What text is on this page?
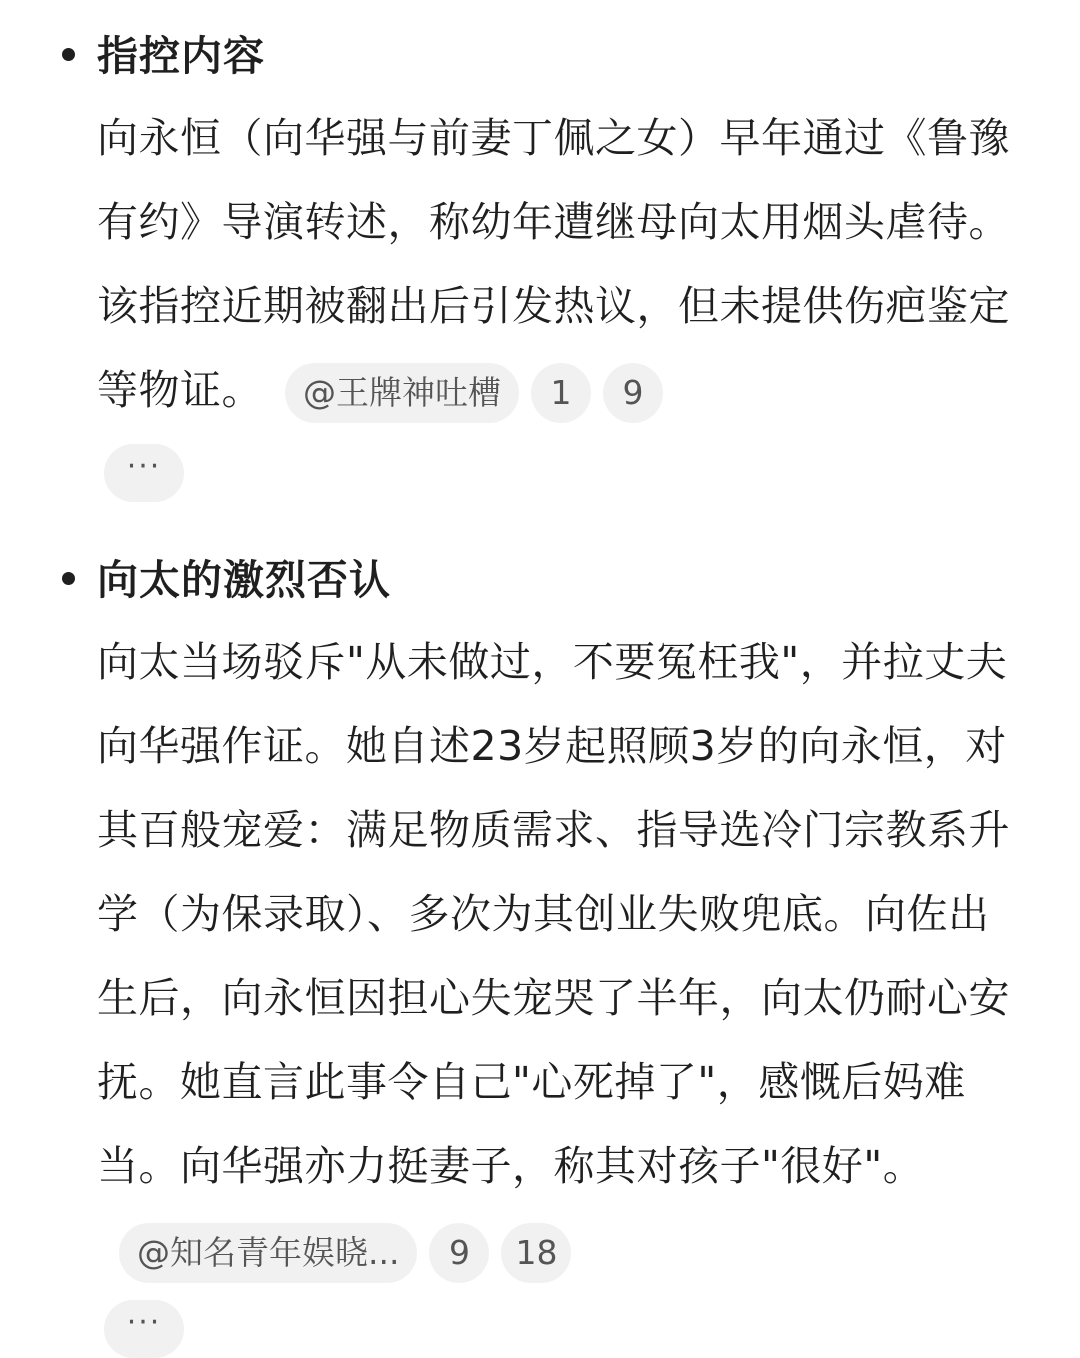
指控内容
向永恒（向华强与前妻丁佩之女）早年通过《鲁豫有约》导演转述，称幼年遭继母向太用烟头虐待。该指控近期被翻出后引发热议，但未提供伤疤鉴定等物证。 @王牌神吐槽 1 9
···
向太的激烈否认
向太当场驳斥"从未做过，不要冤枉我"，并拉丈夫向华强作证。她自述23岁起照顾3岁的向永恒，对其百般宠爱：满足物质需求、指导选冷门宗教系升学（为保录取）、多次为其创业失败兜底。向佐出生后，向永恒因担心失宠哭了半年，向太仍耐心安抚。她直言此事令自己"心死掉了"，感慨后妈难当。向华强亦力挺妻子，称其对孩子"很好"。@知名青年娱晓... 9 18
···
